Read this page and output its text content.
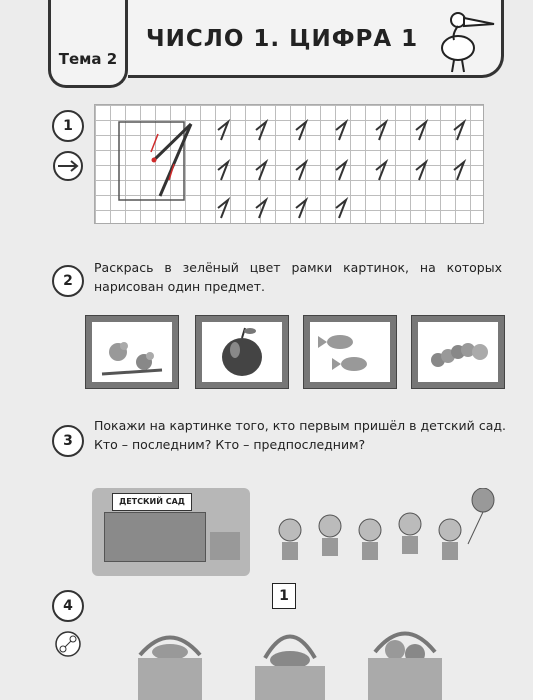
Тема 2
ЧИСЛО 1. ЦИФРА 1
1
2
Раскрась в зелёный цвет рамки картинок, на которых нарисован один предмет.
3
Покажи на картинке того, кто первым пришёл в детский сад. Кто – последним? Кто – предпоследним?
ДЕТСКИЙ САД
4
1
